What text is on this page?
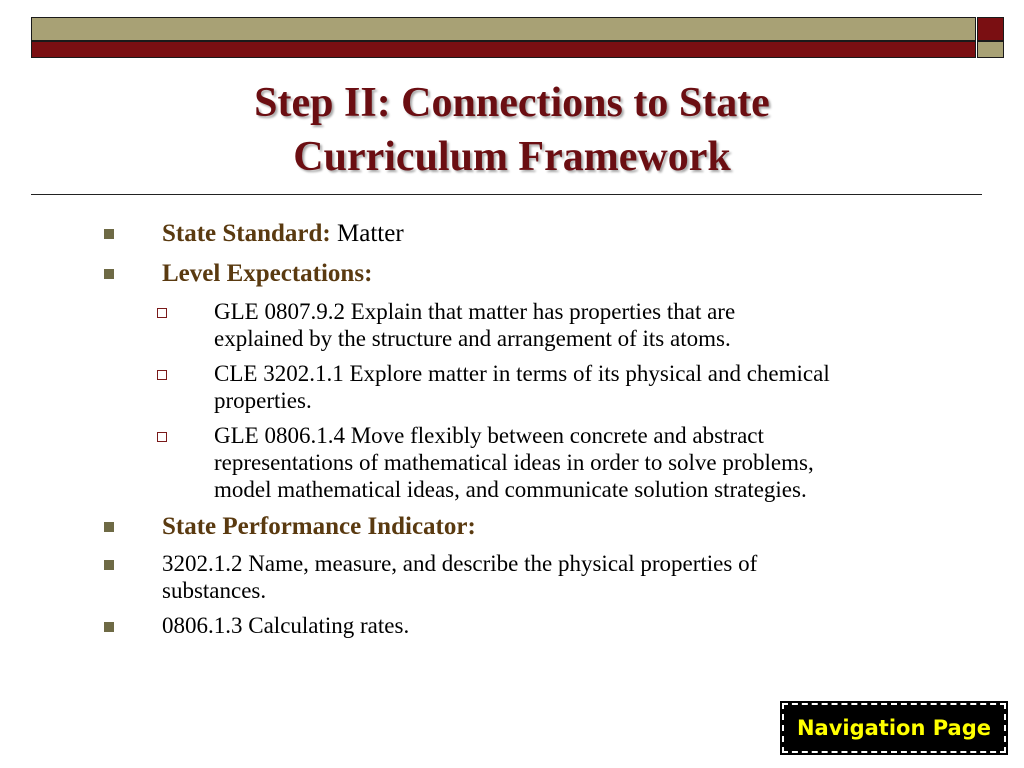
Step II: Connections to State
Curriculum Framework
State Standard: Matter
Level Expectations:
GLE 0807.9.2 Explain that matter has properties that are
explained by the structure and arrangement of its atoms.
CLE 3202.1.1 Explore matter in terms of its physical and chemical
properties.
GLE 0806.1.4 Move flexibly between concrete and abstract
representations of mathematical ideas in order to solve problems,
model mathematical ideas, and communicate solution strategies.
State Performance Indicator:
3202.1.2 Name, measure, and describe the physical properties of
substances.
0806.1.3 Calculating rates.
Navigation Page
